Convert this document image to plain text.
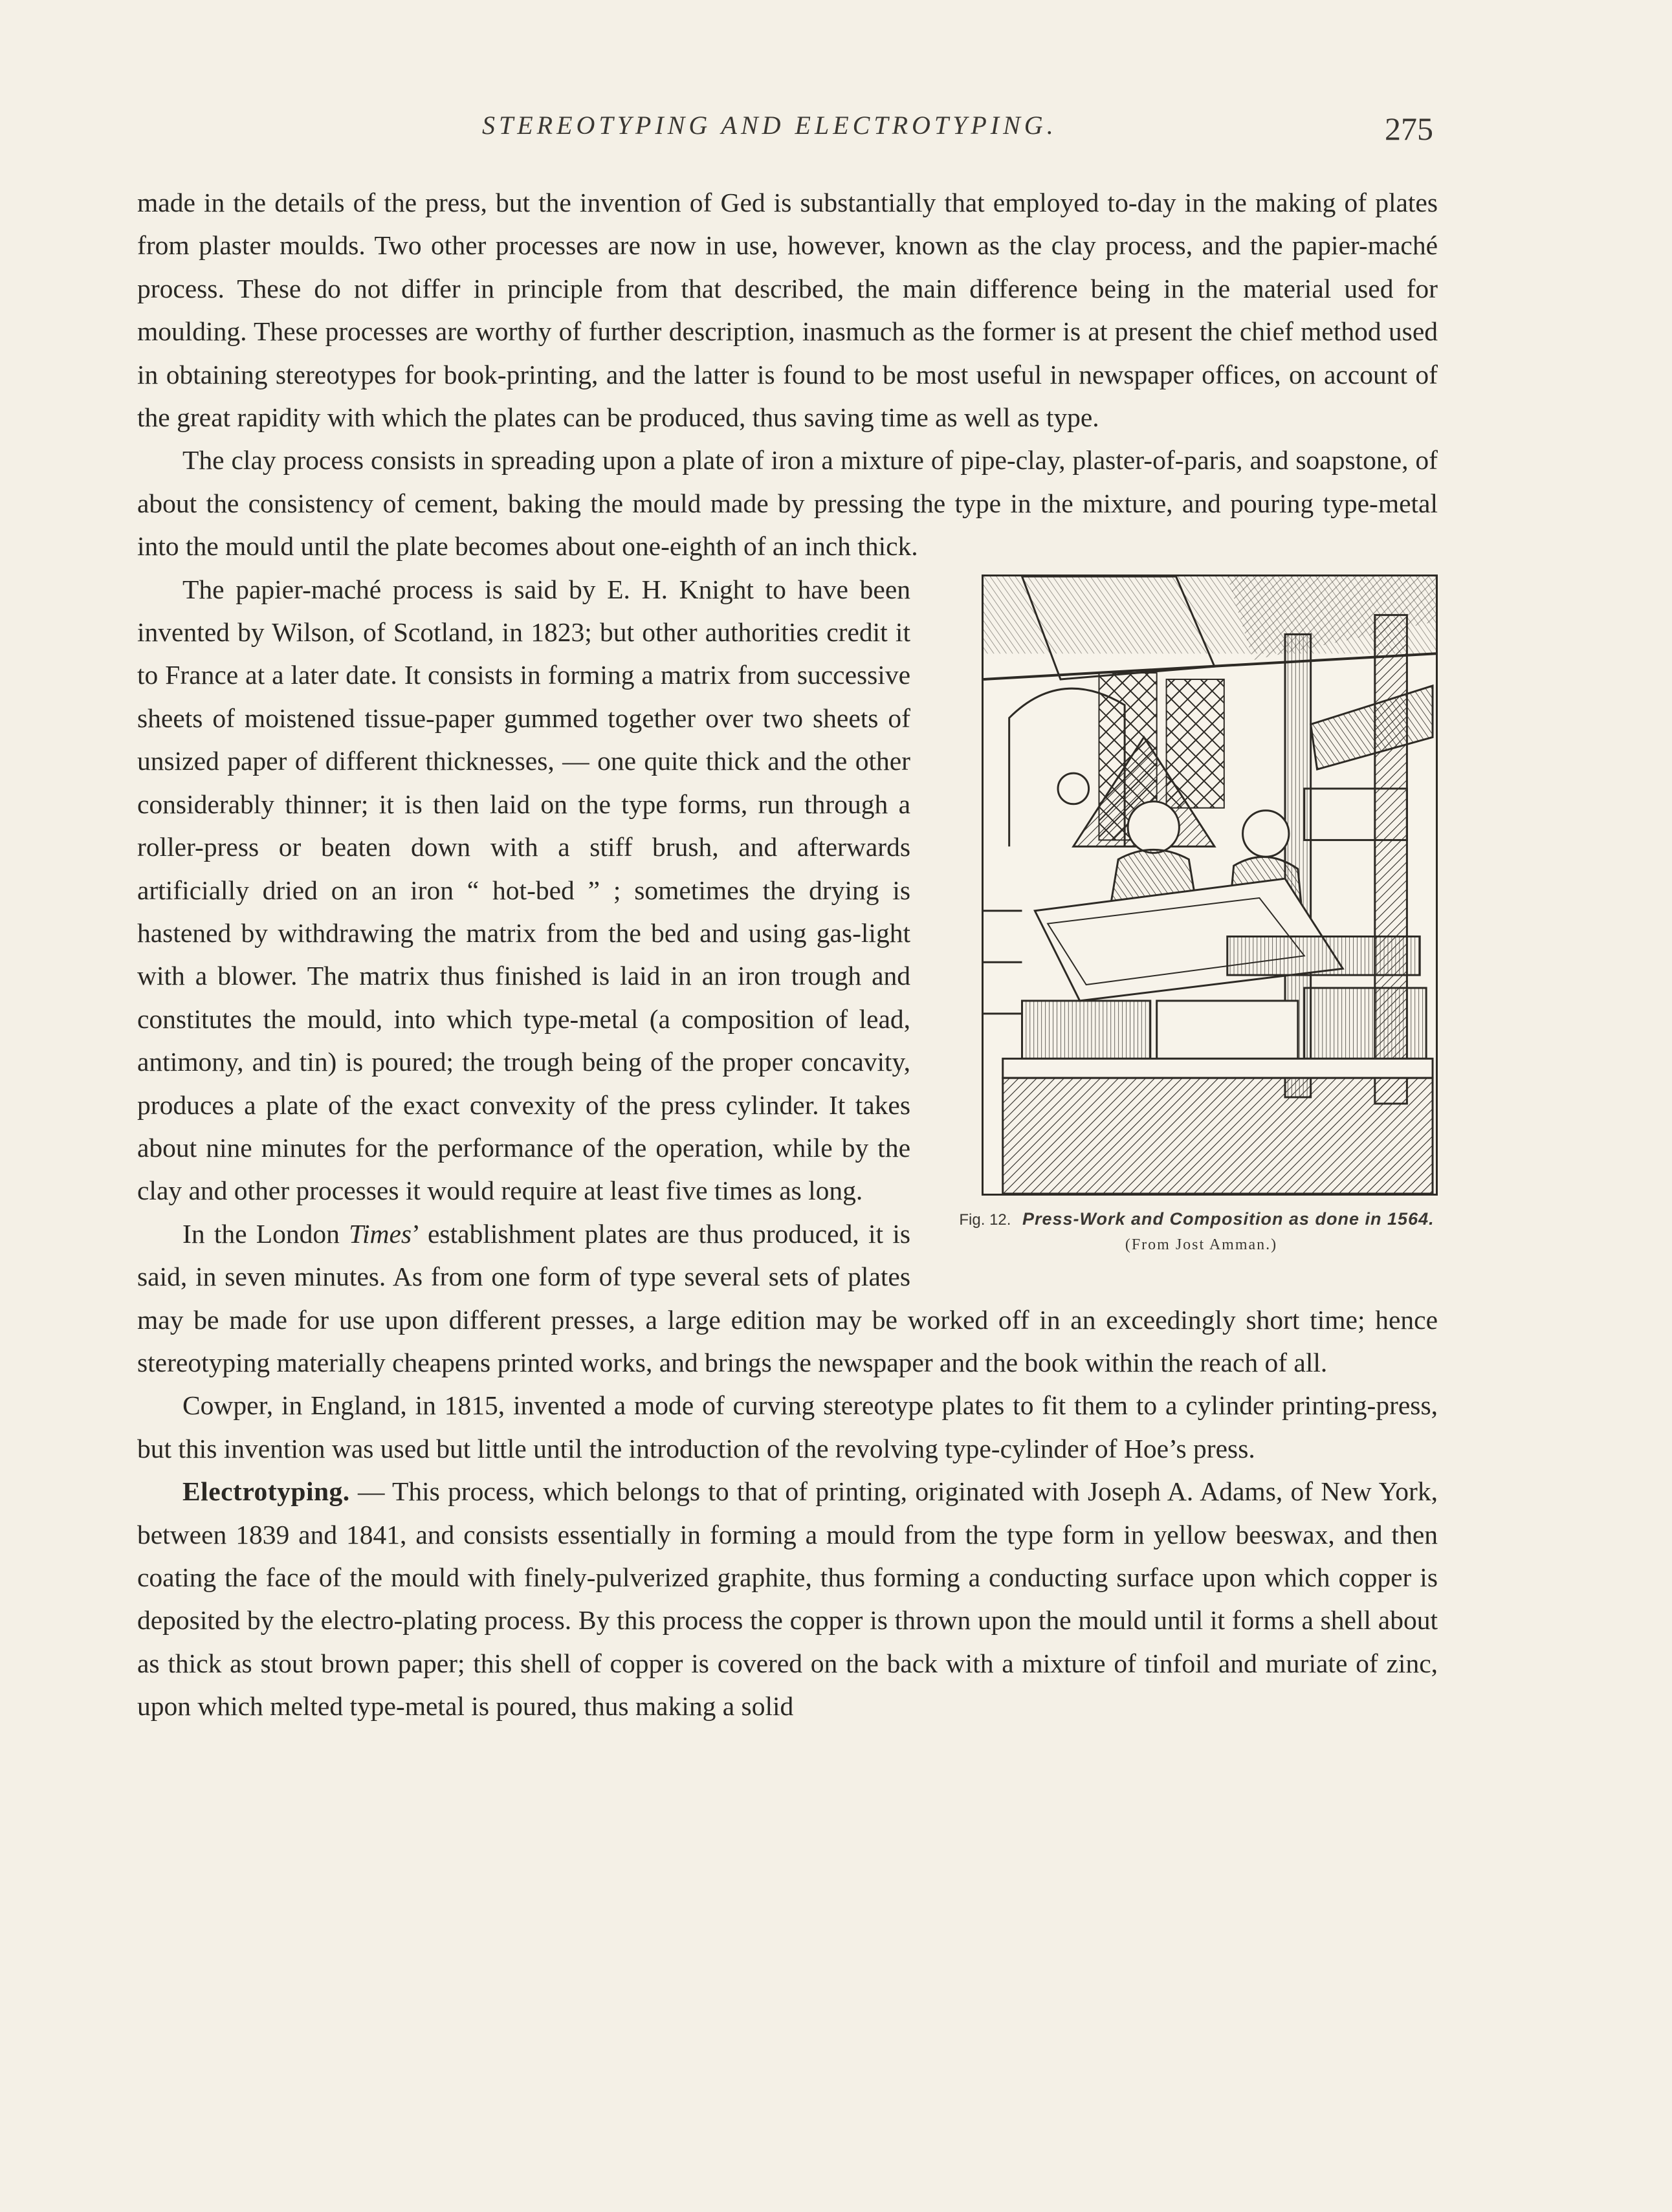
STEREOTYPING AND ELECTROTYPING.	275

made in the details of the press, but the invention of Ged is substantially that employed to-day in the making of plates from plaster moulds. Two other processes are now in use, however, known as the clay process, and the papier-maché process. These do not differ in principle from that described, the main difference being in the material used for moulding. These processes are worthy of further description, inasmuch as the former is at present the chief method used in obtaining stereotypes for book-printing, and the latter is found to be most useful in newspaper offices, on account of the great rapidity with which the plates can be produced, thus saving time as well as type.

The clay process consists in spreading upon a plate of iron a mixture of pipe-clay, plaster-of-paris, and soapstone, of about the consistency of cement, baking the mould made by pressing the type in the mixture, and pouring type-metal into the mould until the plate becomes about one-eighth of an inch thick.

Fig. 12. Press-Work and Composition as done in 1564. (From Jost Amman.)

The papier-maché process is said by E. H. Knight to have been invented by Wilson, of Scotland, in 1823; but other authorities credit it to France at a later date. It consists in forming a matrix from successive sheets of moistened tissue-paper gummed together over two sheets of unsized paper of different thicknesses, — one quite thick and the other considerably thinner; it is then laid on the type forms, run through a roller-press or beaten down with a stiff brush, and afterwards artificially dried on an iron “ hot-bed ” ; sometimes the drying is hastened by withdrawing the matrix from the bed and using gas-light with a blower. The matrix thus finished is laid in an iron trough and constitutes the mould, into which type-metal (a composition of lead, antimony, and tin) is poured; the trough being of the proper concavity, produces a plate of the exact convexity of the press cylinder. It takes about nine minutes for the performance of the operation, while by the clay and other processes it would require at least five times as long.

In the London Times’ establishment plates are thus produced, it is said, in seven minutes. As from one form of type several sets of plates may be made for use upon different presses, a large edition may be worked off in an exceedingly short time; hence stereotyping materially cheapens printed works, and brings the newspaper and the book within the reach of all.

Cowper, in England, in 1815, invented a mode of curving stereotype plates to fit them to a cylinder printing-press, but this invention was used but little until the introduction of the revolving type-cylinder of Hoe’s press.

Electrotyping. — This process, which belongs to that of printing, originated with Joseph A. Adams, of New York, between 1839 and 1841, and consists essentially in forming a mould from the type form in yellow beeswax, and then coating the face of the mould with finely-pulverized graphite, thus forming a conducting surface upon which copper is deposited by the electro-plating process. By this process the copper is thrown upon the mould until it forms a shell about as thick as stout brown paper; this shell of copper is covered on the back with a mixture of tinfoil and muriate of zinc, upon which melted type-metal is poured, thus making a solid
